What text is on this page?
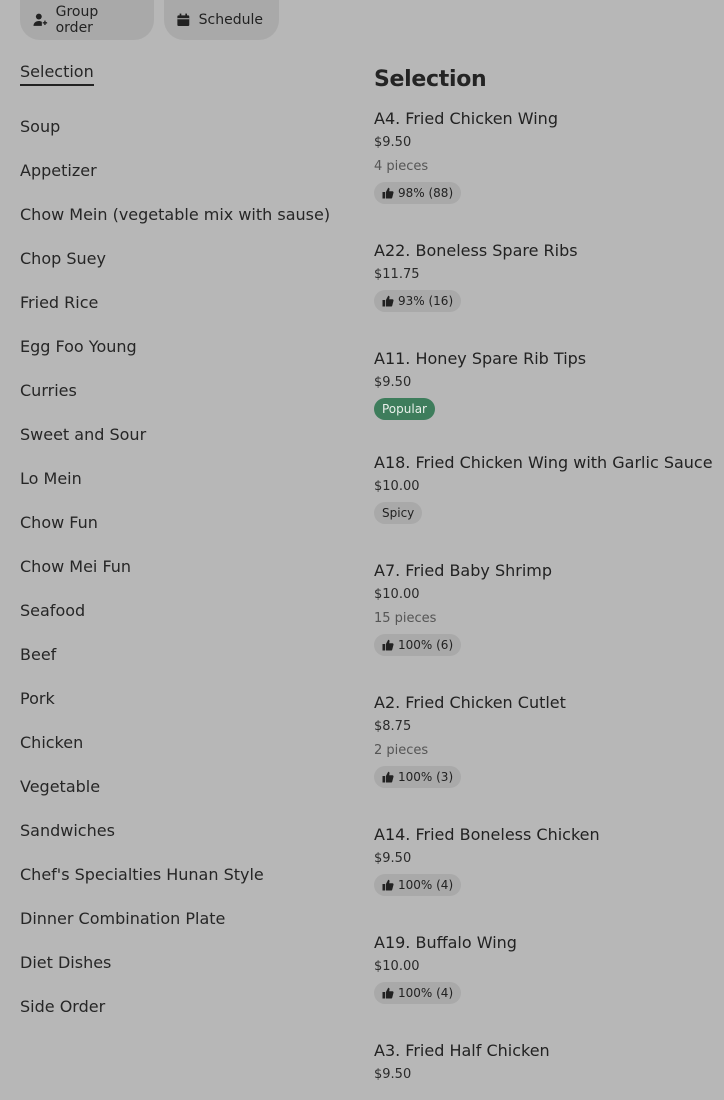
Group order	Schedule
Selection
Soup
Appetizer
Chow Mein (vegetable mix with sause)
Chop Suey
Fried Rice
Egg Foo Young
Curries
Sweet and Sour
Lo Mein
Chow Fun
Chow Mei Fun
Seafood
Beef
Pork
Chicken
Vegetable
Sandwiches
Chef's Specialties Hunan Style
Dinner Combination Plate
Diet Dishes
Side Order
Selection
A4. Fried Chicken Wing
$9.50
4 pieces
98% (88)
A22. Boneless Spare Ribs
$11.75
93% (16)
A11. Honey Spare Rib Tips
$9.50
Popular
A18. Fried Chicken Wing with Garlic Sauce
$10.00
Spicy
A7. Fried Baby Shrimp
$10.00
15 pieces
100% (6)
A2. Fried Chicken Cutlet
$8.75
2 pieces
100% (3)
A14. Fried Boneless Chicken
$9.50
100% (4)
A19. Buffalo Wing
$10.00
100% (4)
A3. Fried Half Chicken
$9.50
